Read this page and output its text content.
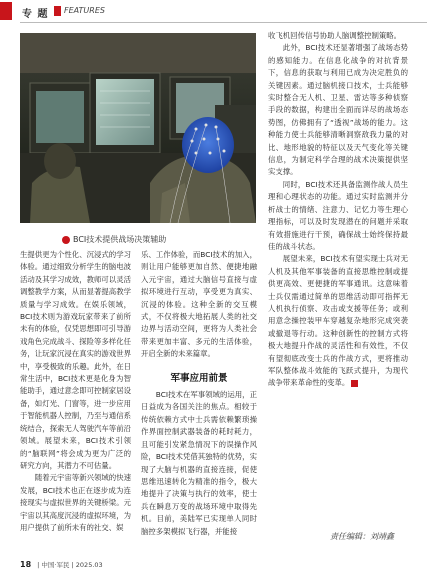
专 题 FEATURES
BCI技术提供战场决策辅助

生提供更为个性化、沉浸式的学习体验。通过细致分析学生的脑电波活动及其学习成效，教师可以灵活调整教学方案，从而显著提高教学质量与学习成效。在娱乐领域，BCI技术则为游戏玩家带来了前所未有的体验，仅凭思想即可引导游戏角色完成战斗、探险等多样化任务，让玩家沉浸在真实的游戏世界中，享受极致的乐趣。此外，在日常生活中，BCI技术更是化身为智能助手，通过意念即可控制家居设备，如灯光、门窗等，进一步应用于智能机器人控制，乃至与通信系统结合，探索无人驾驶汽车等前沿领域。展望未来，BCI技术引领的“脑联网”将会成为更为广泛的研究方向，其潜力不可估量。

随着元宇宙等新兴领域的快速发展，BCI技术也正在逐步成为连接现实与虚拟世界的关键桥梁。元宇宙以其高度沉浸的虚拟环境，为用户提供了前所未有的社交、娱

乐、工作体验，而BCI技术的加入，则让用户能够更加自然、便捷地融入元宇宙，通过大脑信号直接与虚拟环境进行互动，享受更为真实、沉浸的体验。这种全新的交互模式，不仅将极大地拓展人类的社交边界与活动空间，更将为人类社会带来更加丰富、多元的生活体验，开启全新的未来篇章。

军事应用前景

BCI技术在军事领域的运用，正日益成为各国关注的焦点。相较于传统依赖方式中士兵需依赖繁琐操作界面控制武器装备的耗时耗力，且可能引发紧急情况下的误操作风险，BCI技术凭借其独特的优势，实现了大脑与机器的直接连接，促使思维迅速转化为精准的指令，极大地提升了决策与执行的效率，使士兵在瞬息万变的战场环境中取得先机。目前，美陆军已实现单人同时脑控多架模拟飞行器，并能接

收飞机回传信号协助人脑调整控制策略。

此外，BCI技术还显著增强了战场态势的感知能力。在信息化战争的对抗背景下，信息的获取与利用已成为决定胜负的关键因素。通过脑机接口技术，士兵能够实时整合无人机、卫星、雷达等多种侦察手段的数据，构建出全面而详尽的战场态势图，仿佛拥有了“透视”战场的能力。这种能力使士兵能够清晰洞察敌我力量的对比、地形地貌的特征以及天气变化等关键信息，为制定科学合理的战术决策提供坚实支撑。

同时，BCI技术还具备监测作战人员生理和心理状态的功能。通过实时监测并分析战士的情绪、注意力、记忆力等生理心理指标，可以及时发现潜在的问题并采取有效措施进行干预，确保战士始终保持最佳的战斗状态。

展望未来，BCI技术有望实现士兵对无人机及其他军事装备的直接思维控制或提供更高效、更便捷的军事通讯。这意味着士兵仅需通过简单的思维活动即可指挥无人机执行侦察、攻击或支援等任务；或利用意念操控装甲车穿越复杂地形完成突袭或撤退等行动。这种创新性的控制方式将极大地提升作战的灵活性和有效性，不仅有望彻底改变士兵的作战方式，更将推动军队整体战斗效能的飞跃式提升，为现代战争带来革命性的变革。

责任编辑：刘靖鑫
18 | 中国·军民 | 2025.03
